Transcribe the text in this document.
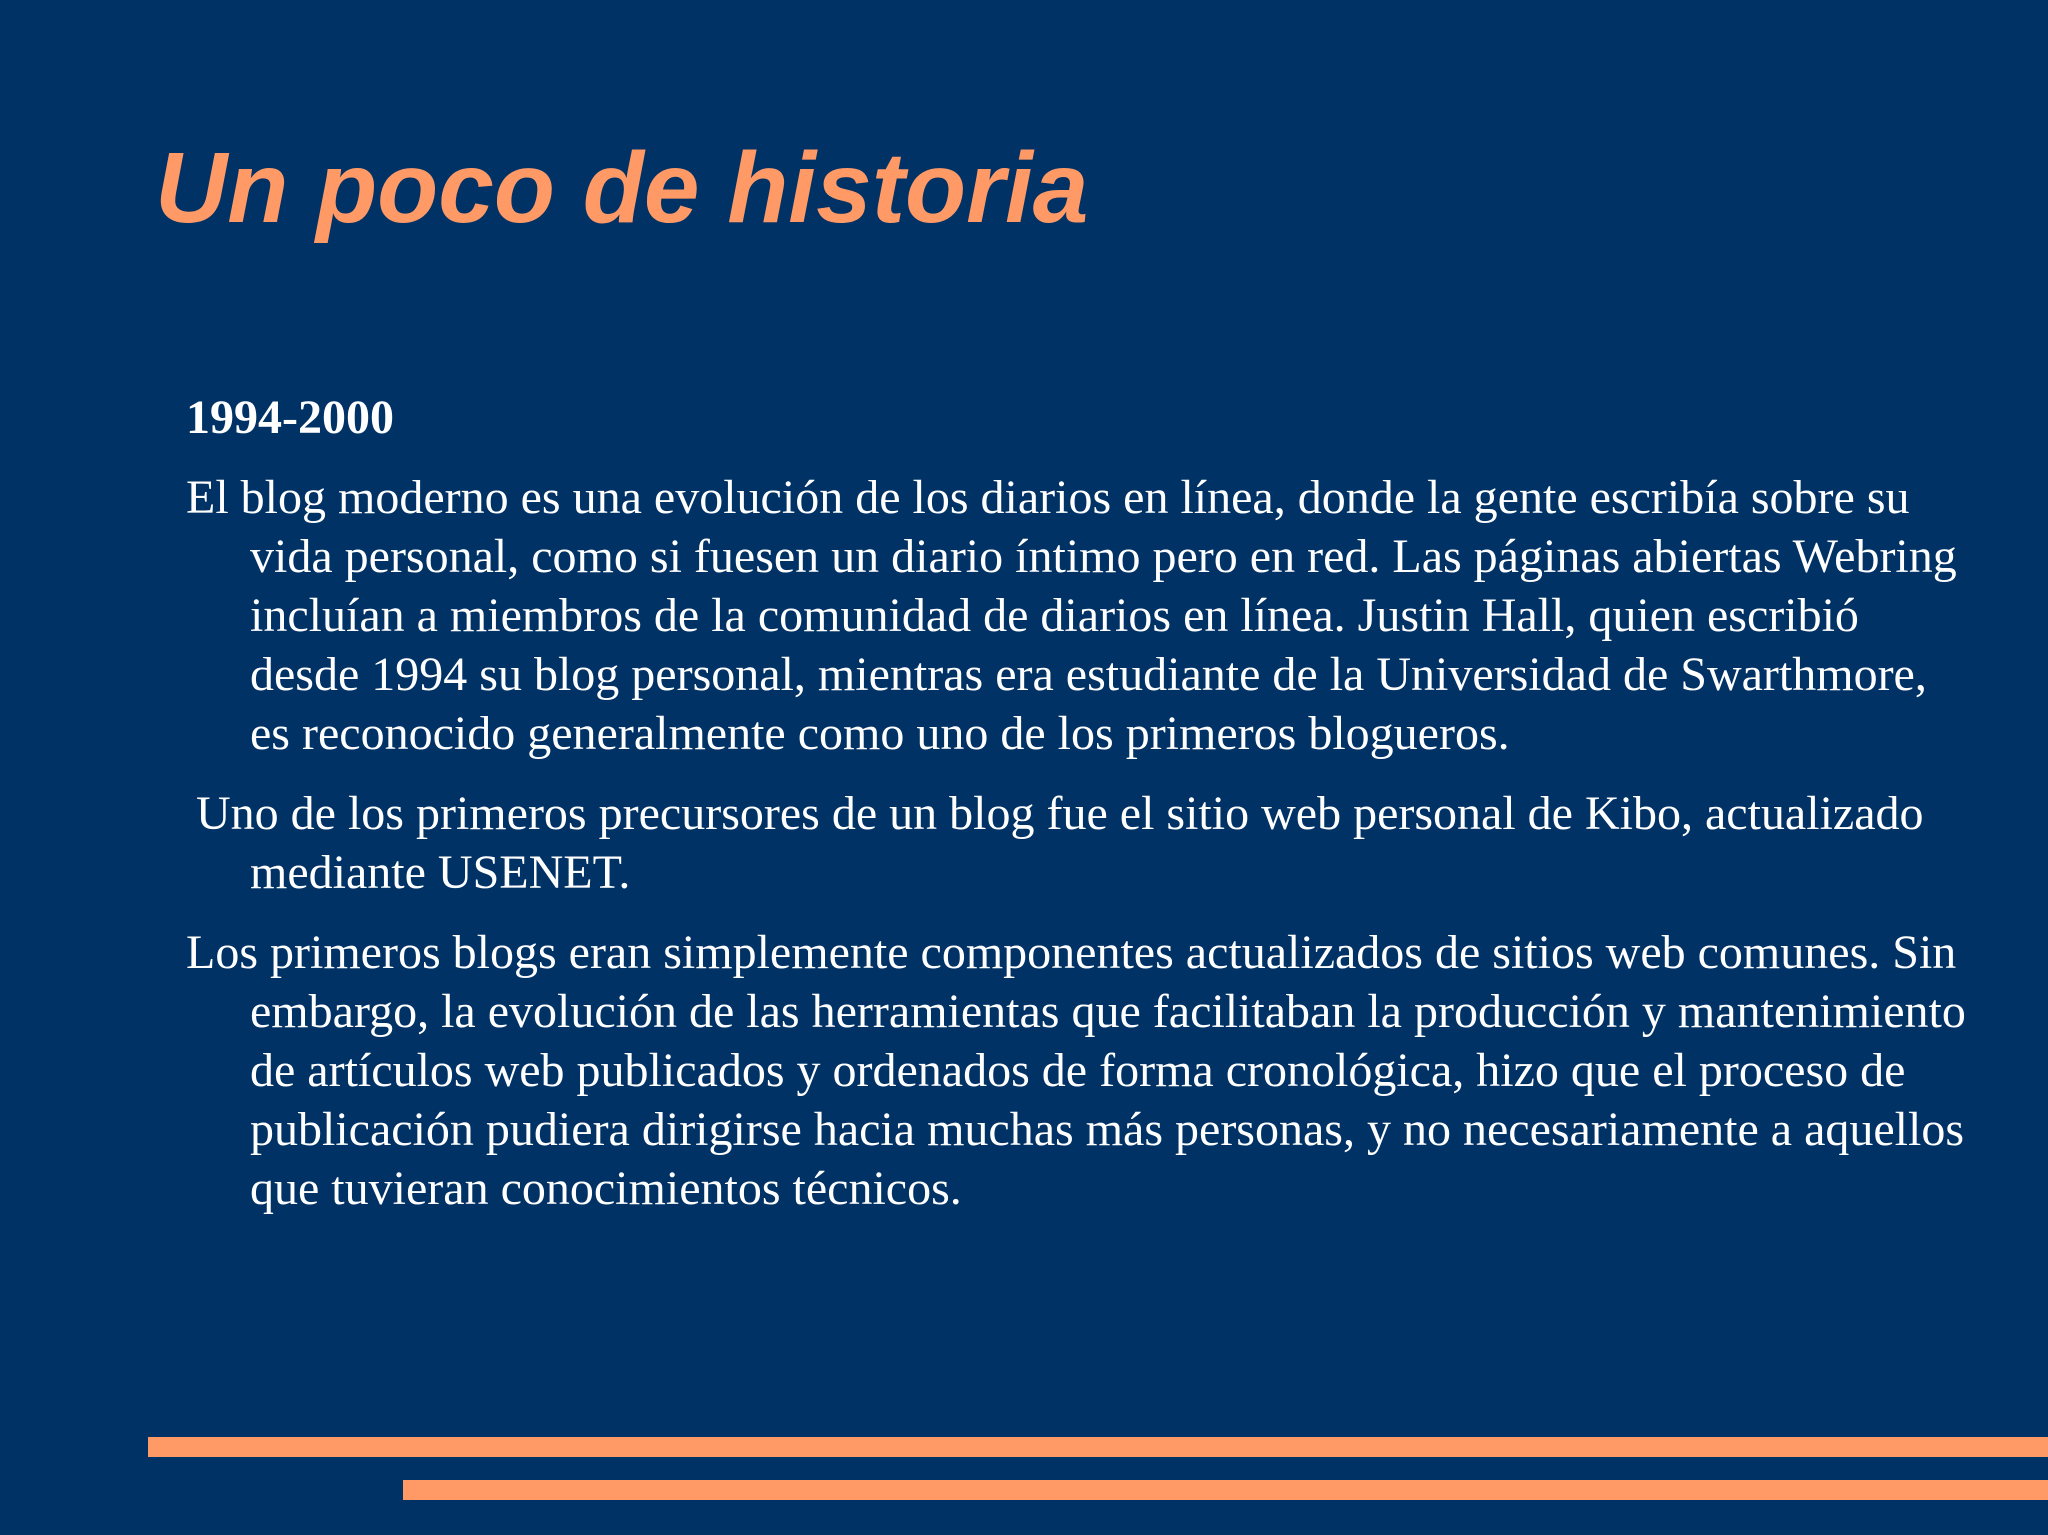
Un poco de historia

1994-2000

El blog moderno es una evolución de los diarios en línea, donde la gente escribía sobre su vida personal, como si fuesen un diario íntimo pero en red. Las páginas abiertas Webring incluían a miembros de la comunidad de diarios en línea. Justin Hall, quien escribió desde 1994 su blog personal, mientras era estudiante de la Universidad de Swarthmore, es reconocido generalmente como uno de los primeros blogueros.

Uno de los primeros precursores de un blog fue el sitio web personal de Kibo, actualizado mediante USENET.

Los primeros blogs eran simplemente componentes actualizados de sitios web comunes. Sin embargo, la evolución de las herramientas que facilitaban la producción y mantenimiento de artículos web publicados y ordenados de forma cronológica, hizo que el proceso de publicación pudiera dirigirse hacia muchas más personas, y no necesariamente a aquellos que tuvieran conocimientos técnicos.
